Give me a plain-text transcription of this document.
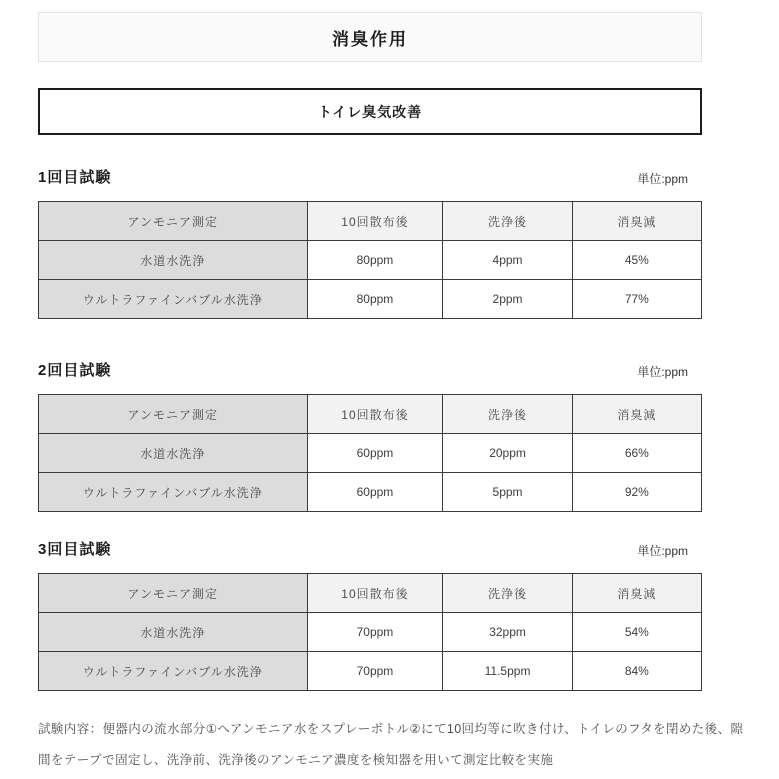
消臭作用
トイレ臭気改善
1回目試験	単位:ppm
アンモニア測定	10回散布後	洗浄後	消臭減
水道水洗浄	80ppm	4ppm	45%
ウルトラファインバブル水洗浄	80ppm	2ppm	77%
2回目試験	単位:ppm
アンモニア測定	10回散布後	洗浄後	消臭減
水道水洗浄	60ppm	20ppm	66%
ウルトラファインバブル水洗浄	60ppm	5ppm	92%
3回目試験	単位:ppm
アンモニア測定	10回散布後	洗浄後	消臭減
水道水洗浄	70ppm	32ppm	54%
ウルトラファインバブル水洗浄	70ppm	11.5ppm	84%

試験内容：便器内の流水部分①へアンモニア水をスプレーボトル②にて10回均等に吹き付け、トイレのフタを閉めた後、隙間をテープで固定し、洗浄前、洗浄後のアンモニア濃度を検知器を用いて測定比較を実施
